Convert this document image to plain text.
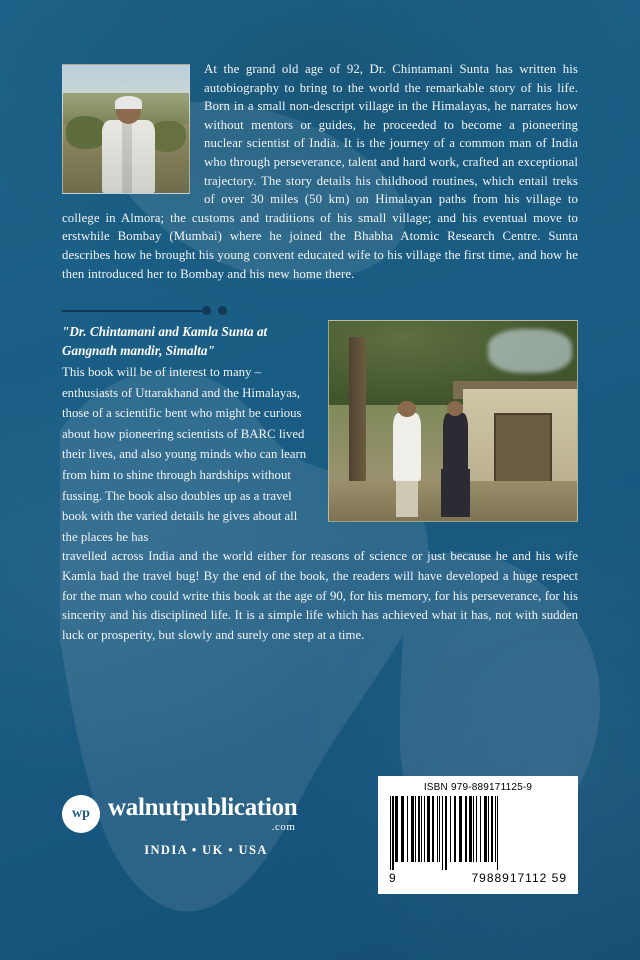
At the grand old age of 92, Dr. Chintamani Sunta has written his autobiography to bring to the world the remarkable story of his life. Born in a small non-descript village in the Himalayas, he narrates how without mentors or guides, he proceeded to become a pioneering nuclear scientist of India. It is the journey of a common man of India who through perseverance, talent and hard work, crafted an exceptional trajectory. The story details his childhood routines, which entail treks of over 30 miles (50 km) on Himalayan paths from his village to college in Almora; the customs and traditions of his small village; and his eventual move to erstwhile Bombay (Mumbai) where he joined the Bhabha Atomic Research Centre. Sunta describes how he brought his young convent educated wife to his village the first time, and how he then introduced her to Bombay and his new home there.
"Dr. Chintamani and Kamla Sunta at Gangnath mandir, Simalta"
This book will be of interest to many – enthusiasts of Uttarakhand and the Himalayas, those of a scientific bent who might be curious about how pioneering scientists of BARC lived their lives, and also young minds who can learn from him to shine through hardships without fussing. The book also doubles up as a travel book with the varied details he gives about all the places he has
travelled across India and the world either for reasons of science or just because he and his wife Kamla had the travel bug! By the end of the book, the readers will have developed a huge respect for the man who could write this book at the age of 90, for his memory, for his perseverance, for his sincerity and his disciplined life. It is a simple life which has achieved what it has, not with sudden luck or prosperity, but slowly and surely one step at a time.
wp walnutpublication
.com
INDIA • UK • USA
ISBN 979-889171125-9
9	7988917112 59
